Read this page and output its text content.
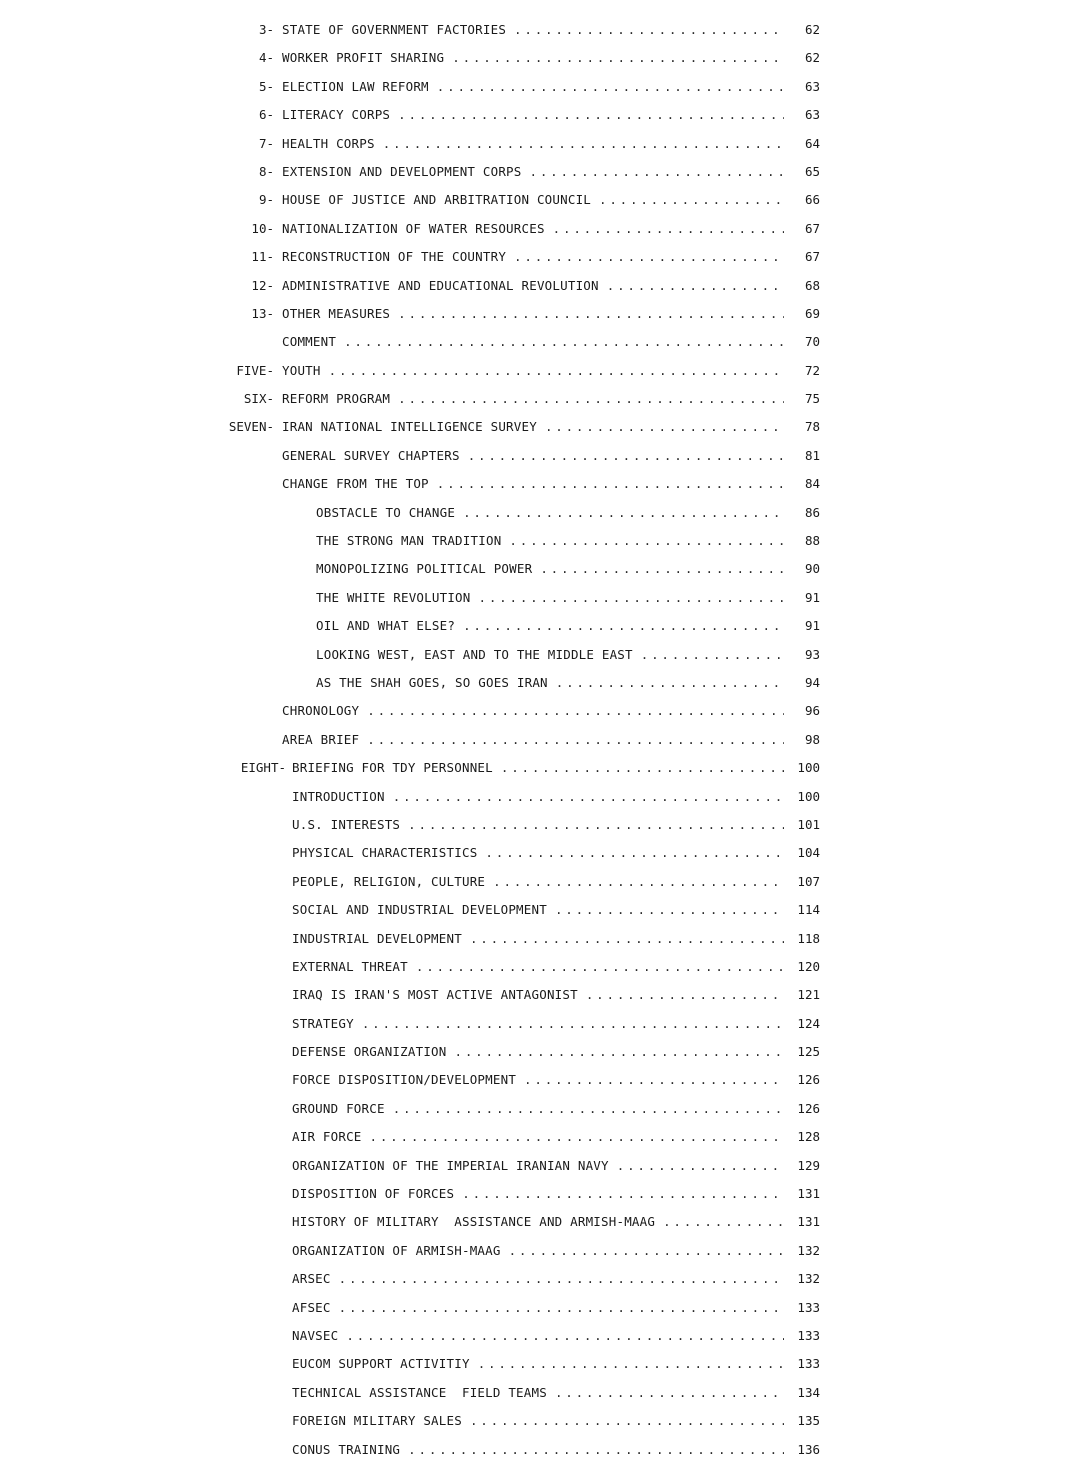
3- STATE OF GOVERNMENT FACTORIES .....	62
4- WORKER PROFIT SHARING .....	62
5- ELECTION LAW REFORM .....	63
6- LITERACY CORPS .....	63
7- HEALTH CORPS .....	64
8- EXTENSION AND DEVELOPMENT CORPS .....	65
9- HOUSE OF JUSTICE AND ARBITRATION COUNCIL .....	66
10- NATIONALIZATION OF WATER RESOURCES .....	67
11- RECONSTRUCTION OF THE COUNTRY .....	67
12- ADMINISTRATIVE AND EDUCATIONAL REVOLUTION .....	68
13- OTHER MEASURES .....	69
COMMENT .....	70
FIVE- YOUTH .....	72
SIX- REFORM PROGRAM .....	75
SEVEN- IRAN NATIONAL INTELLIGENCE SURVEY .....	78
GENERAL SURVEY CHAPTERS .....	81
CHANGE FROM THE TOP .....	84
OBSTACLE TO CHANGE .....	86
THE STRONG MAN TRADITION .....	88
MONOPOLIZING POLITICAL POWER .....	90
THE WHITE REVOLUTION .....	91
OIL AND WHAT ELSE? .....	91
LOOKING WEST, EAST AND TO THE MIDDLE EAST .....	93
AS THE SHAH GOES, SO GOES IRAN .....	94
CHRONOLOGY .....	96
AREA BRIEF .....	98
EIGHT- BRIEFING FOR TDY PERSONNEL .....	100
INTRODUCTION .....	100
U.S. INTERESTS .....	101
PHYSICAL CHARACTERISTICS .....	104
PEOPLE, RELIGION, CULTURE .....	107
SOCIAL AND INDUSTRIAL DEVELOPMENT .....	114
INDUSTRIAL DEVELOPMENT .....	118
EXTERNAL THREAT .....	120
IRAQ IS IRAN'S MOST ACTIVE ANTAGONIST .....	121
STRATEGY .....	124
DEFENSE ORGANIZATION .....	125
FORCE DISPOSITION/DEVELOPMENT .....	126
GROUND FORCE .....	126
AIR FORCE .....	128
ORGANIZATION OF THE IMPERIAL IRANIAN NAVY .....	129
DISPOSITION OF FORCES .....	131
HISTORY OF MILITARY  ASSISTANCE AND ARMISH-MAAG .....	131
ORGANIZATION OF ARMISH-MAAG .....	132
ARSEC .....	132
AFSEC .....	133
NAVSEC .....	133
EUCOM SUPPORT ACTIVITIY .....	133
TECHNICAL ASSISTANCE  FIELD TEAMS .....	134
FOREIGN MILITARY SALES .....	135
CONUS TRAINING .....	136
